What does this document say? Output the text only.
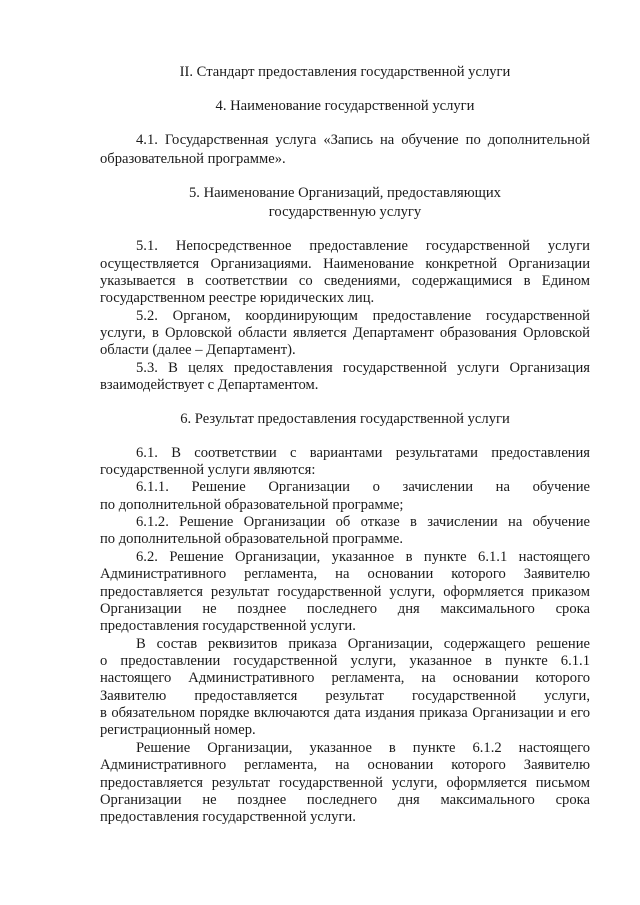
II. Стандарт предоставления государственной услуги
4. Наименование государственной услуги
4.1. Государственная услуга «Запись на обучение по дополнительной
образовательной программе».
5. Наименование Организаций, предоставляющих
государственную услугу
5.1. Непосредственное предоставление государственной услуги
осуществляется Организациями. Наименование конкретной Организации
указывается в соответствии со сведениями, содержащимися в Едином
государственном реестре юридических лиц.
5.2. Органом, координирующим предоставление государственной
услуги, в Орловской области является Департамент образования Орловской
области (далее – Департамент).
5.3. В целях предоставления государственной услуги Организация
взаимодействует с Департаментом.
6. Результат предоставления государственной услуги
6.1. В соответствии с вариантами результатами предоставления
государственной услуги являются:
6.1.1. Решение Организации о зачислении на обучение
по дополнительной образовательной программе;
6.1.2. Решение Организации об отказе в зачислении на обучение
по дополнительной образовательной программе.
6.2. Решение Организации, указанное в пункте 6.1.1 настоящего
Административного регламента, на основании которого Заявителю
предоставляется результат государственной услуги, оформляется приказом
Организации не позднее последнего дня максимального срока
предоставления государственной услуги.
В состав реквизитов приказа Организации, содержащего решение
о предоставлении государственной услуги, указанное в пункте 6.1.1
настоящего Административного регламента, на основании которого
Заявителю предоставляется результат государственной услуги,
в обязательном порядке включаются дата издания приказа Организации и его
регистрационный номер.
Решение Организации, указанное в пункте 6.1.2 настоящего
Административного регламента, на основании которого Заявителю
предоставляется результат государственной услуги, оформляется письмом
Организации не позднее последнего дня максимального срока
предоставления государственной услуги.
